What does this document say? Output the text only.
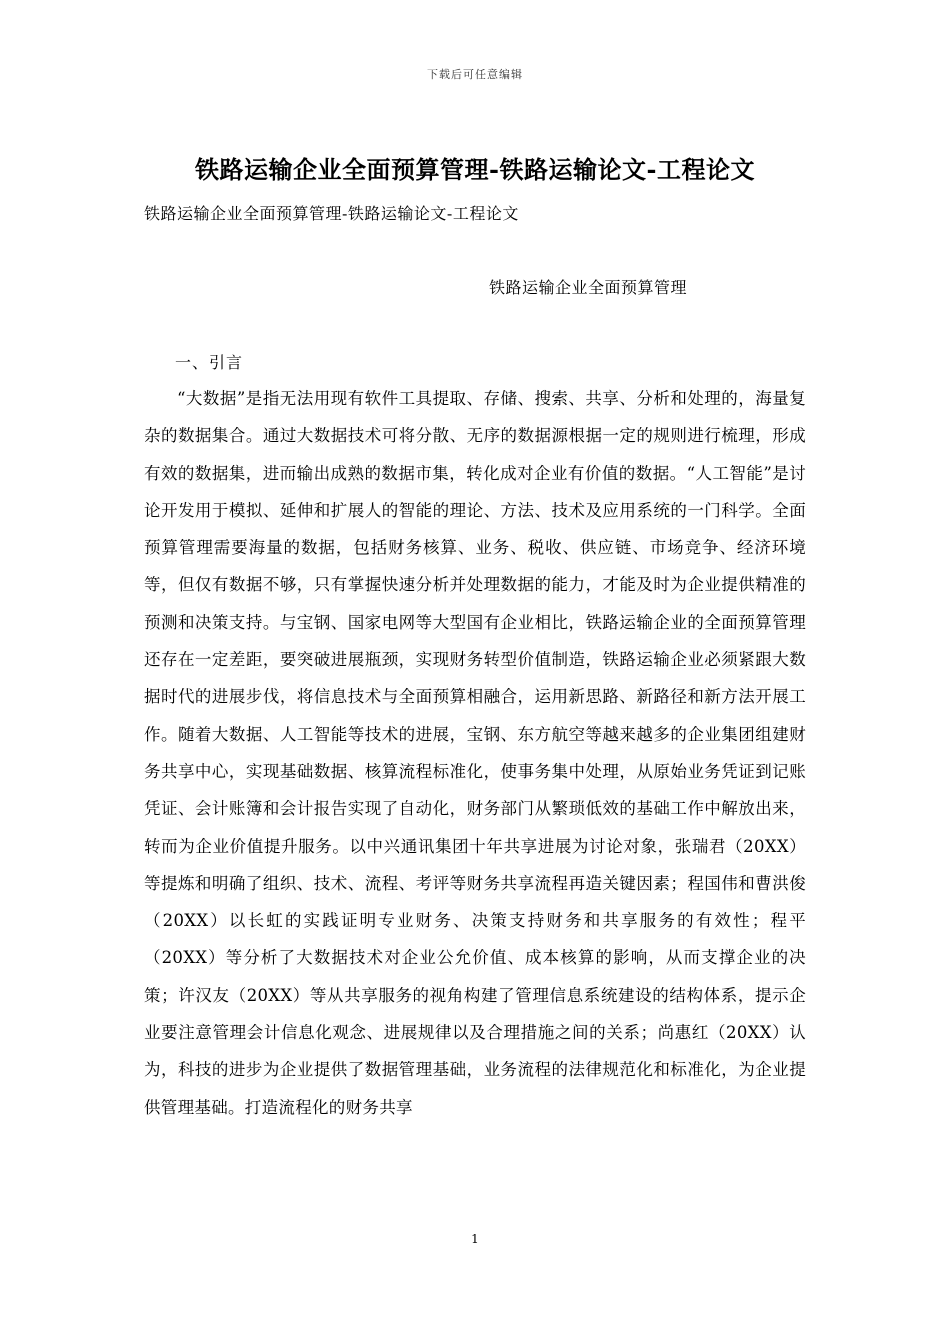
下载后可任意编辑
铁路运输企业全面预算管理-铁路运输论文-工程论文
铁路运输企业全面预算管理-铁路运输论文-工程论文
铁路运输企业全面预算管理
一、引言

“大数据”是指无法用现有软件工具提取、存储、搜索、共享、分析和处理的，海量复杂的数据集合。通过大数据技术可将分散、无序的数据源根据一定的规则进行梳理，形成有效的数据集，进而输出成熟的数据市集，转化成对企业有价值的数据。“人工智能”是讨论开发用于模拟、延伸和扩展人的智能的理论、方法、技术及应用系统的一门科学。全面预算管理需要海量的数据，包括财务核算、业务、税收、供应链、市场竞争、经济环境等，但仅有数据不够，只有掌握快速分析并处理数据的能力，才能及时为企业提供精准的预测和决策支持。与宝钢、国家电网等大型国有企业相比，铁路运输企业的全面预算管理还存在一定差距，要突破进展瓶颈，实现财务转型价值制造，铁路运输企业必须紧跟大数据时代的进展步伐，将信息技术与全面预算相融合，运用新思路、新路径和新方法开展工作。随着大数据、人工智能等技术的进展，宝钢、东方航空等越来越多的企业集团组建财务共享中心，实现基础数据、核算流程标准化，使事务集中处理，从原始业务凭证到记账凭证、会计账簿和会计报告实现了自动化，财务部门从繁琐低效的基础工作中解放出来，转而为企业价值提升服务。以中兴通讯集团十年共享进展为讨论对象，张瑞君（20XX）等提炼和明确了组织、技术、流程、考评等财务共享流程再造关键因素；程国伟和曹洪俊（20XX）以长虹的实践证明专业财务、决策支持财务和共享服务的有效性；程平（20XX）等分析了大数据技术对企业公允价值、成本核算的影响，从而支撑企业的决策；许汉友（20XX）等从共享服务的视角构建了管理信息系统建设的结构体系，提示企业要注意管理会计信息化观念、进展规律以及合理措施之间的关系；尚惠红（20XX）认为，科技的进步为企业提供了数据管理基础，业务流程的法律规范化和标准化，为企业提供管理基础。打造流程化的财务共享

1
